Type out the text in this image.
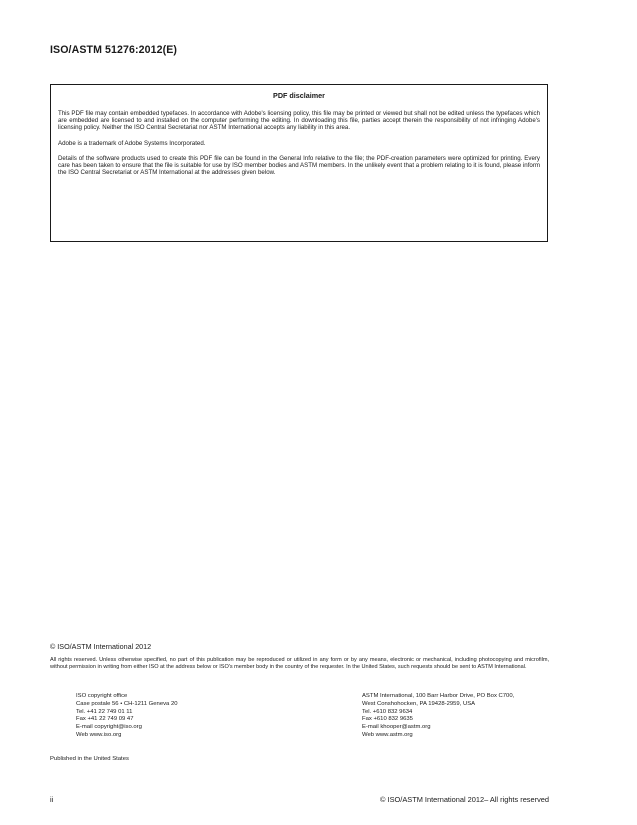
ISO/ASTM 51276:2012(E)

PDF disclaimer

This PDF file may contain embedded typefaces. In accordance with Adobe's licensing policy, this file may be printed or viewed but shall not be edited unless the typefaces which are embedded are licensed to and installed on the computer performing the editing. In downloading this file, parties accept therein the responsibility of not infringing Adobe's licensing policy. Neither the ISO Central Secretariat nor ASTM International accepts any liability in this area.

Adobe is a trademark of Adobe Systems Incorporated.

Details of the software products used to create this PDF file can be found in the General Info relative to the file; the PDF-creation parameters were optimized for printing. Every care has been taken to ensure that the file is suitable for use by ISO member bodies and ASTM members. In the unlikely event that a problem relating to it is found, please inform the ISO Central Secretariat or ASTM International at the addresses given below.

© ISO/ASTM International 2012

All rights reserved. Unless otherwise specified, no part of this publication may be reproduced or utilized in any form or by any means, electronic or mechanical, including photocopying and microfilm, without permission in writing from either ISO at the address below or ISO's member body in the country of the requester. In the United States, such requests should be sent to ASTM International.

ISO copyright office
Case postale 56 • CH-1211 Geneva 20
Tel. +41 22 749 01 11
Fax +41 22 749 09 47
E-mail copyright@iso.org
Web www.iso.org
ASTM International, 100 Barr Harbor Drive, PO Box C700,
West Conshohocken, PA 19428-2959, USA
Tel. +610 832 9634
Fax +610 832 9635
E-mail khooper@astm.org
Web www.astm.org
Published in the United States
ii	© ISO/ASTM International 2012– All rights reserved
